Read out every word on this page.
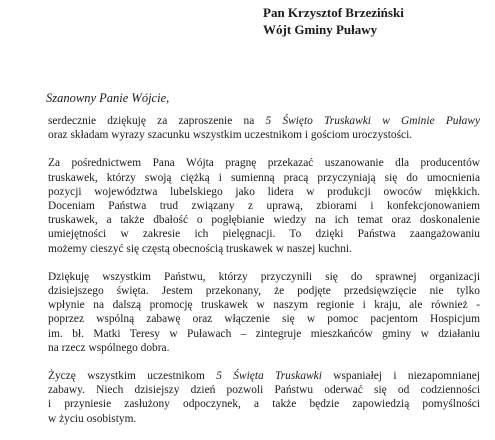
Pan Krzysztof Brzeziński
Wójt Gminy Puławy
Szanowny Panie Wójcie,
serdecznie dziękuję za zaproszenie na 5 Święto Truskawki w Gminie Puławy
oraz składam wyrazy szacunku wszystkim uczestnikom i gościom uroczystości.
Za pośrednictwem Pana Wójta pragnę przekazać uszanowanie dla producentów
truskawek, którzy swoją ciężką i sumienną pracą przyczyniają się do umocnienia
pozycji województwa lubelskiego jako lidera w produkcji owoców miękkich.
Doceniam Państwa trud związany z uprawą, zbiorami i konfekcjonowaniem
truskawek, a także dbałość o pogłębianie wiedzy na ich temat oraz doskonalenie
umiejętności w zakresie ich pielęgnacji. To dzięki Państwa zaangażowaniu
możemy cieszyć się częstą obecnością truskawek w naszej kuchni.
Dziękuję wszystkim Państwu, którzy przyczynili się do sprawnej organizacji
dzisiejszego święta. Jestem przekonany, że podjęte przedsięwzięcie nie tylko
wpłynie na dalszą promocję truskawek w naszym regionie i kraju, ale również -
poprzez wspólną zabawę oraz włączenie się w pomoc pacjentom Hospicjum
im. bł. Matki Teresy w Puławach – zintegruje mieszkańców gminy w działaniu
na rzecz wspólnego dobra.
Życzę wszystkim uczestnikom 5 Święta Truskawki wspaniałej i niezapomnianej
zabawy. Niech dzisiejszy dzień pozwoli Państwu oderwać się od codzienności
i przyniesie zasłużony odpoczynek, a także będzie zapowiedzią pomyślności
w życiu osobistym.
